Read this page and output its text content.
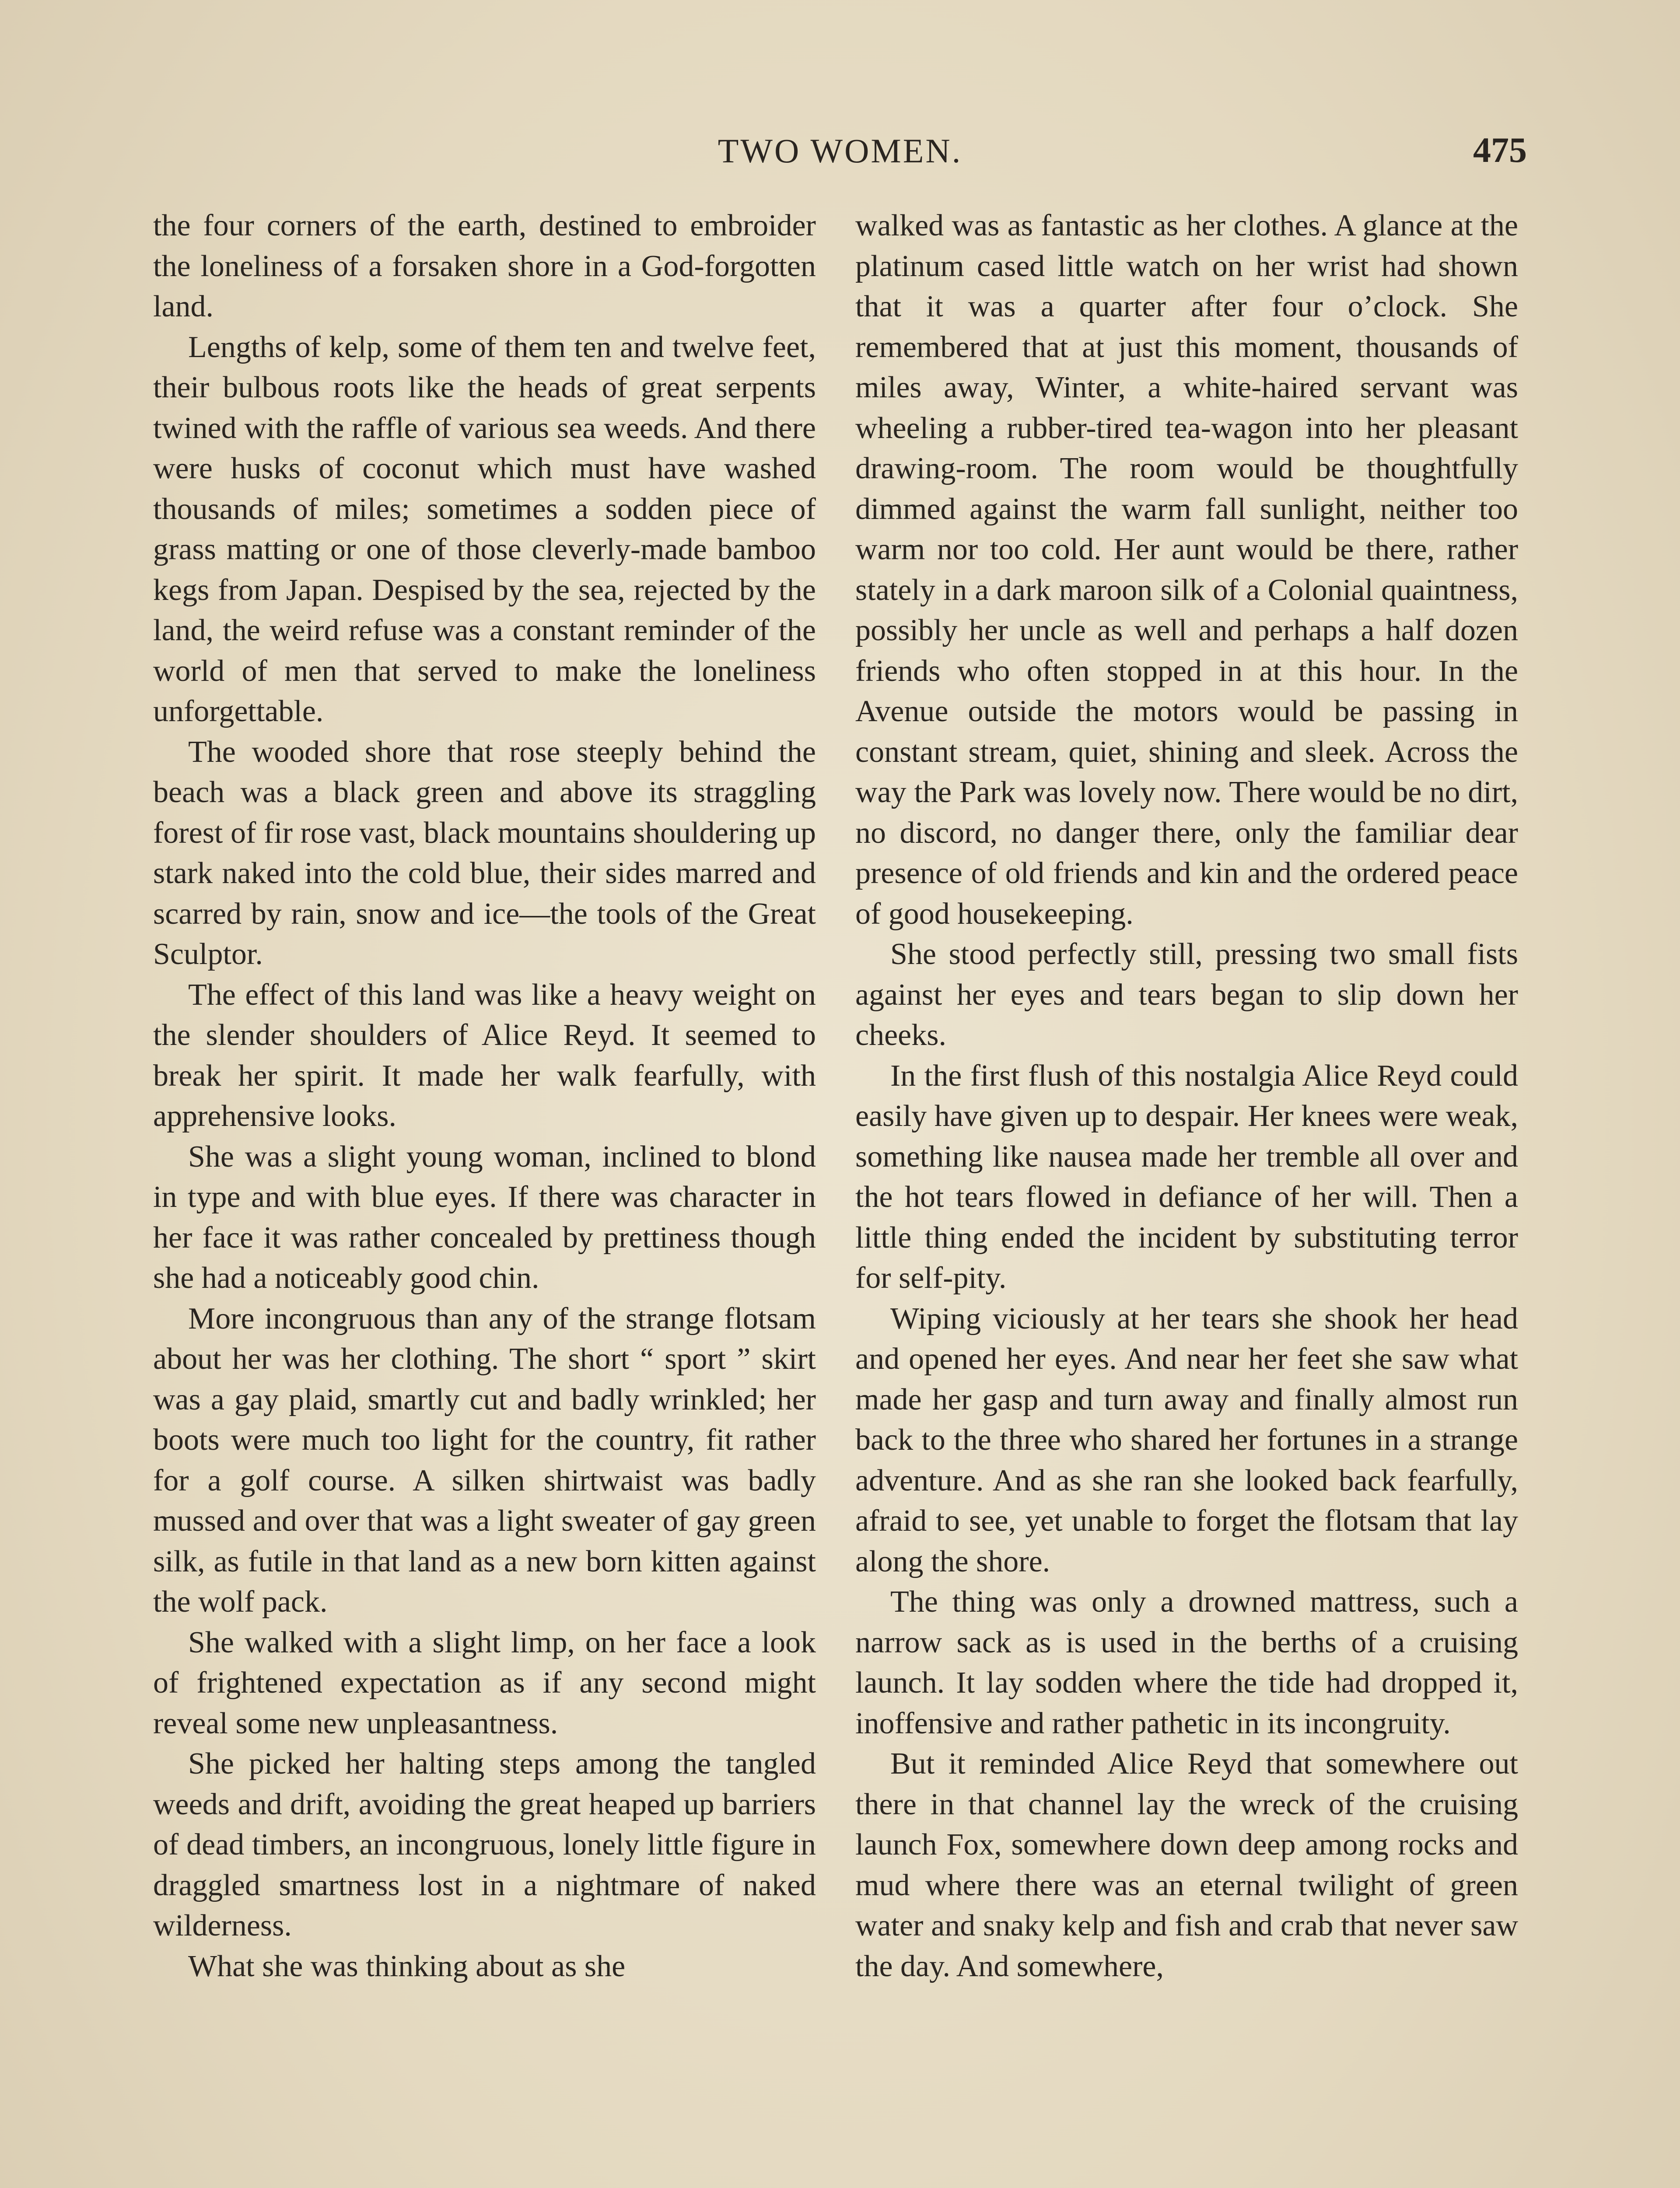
TWO WOMEN.	475

the four corners of the earth, destined to embroider the loneliness of a forsaken shore in a God-forgotten land.

Lengths of kelp, some of them ten and twelve feet, their bulbous roots like the heads of great serpents twined with the raffle of various sea weeds. And there were husks of coconut which must have washed thousands of miles; sometimes a sodden piece of grass matting or one of those cleverly-made bamboo kegs from Japan. Despised by the sea, rejected by the land, the weird refuse was a constant reminder of the world of men that served to make the loneliness unforgettable.

The wooded shore that rose steeply behind the beach was a black green and above its straggling forest of fir rose vast, black mountains shouldering up stark naked into the cold blue, their sides marred and scarred by rain, snow and ice—the tools of the Great Sculptor.

The effect of this land was like a heavy weight on the slender shoulders of Alice Reyd. It seemed to break her spirit. It made her walk fearfully, with apprehensive looks.

She was a slight young woman, inclined to blond in type and with blue eyes. If there was character in her face it was rather concealed by prettiness though she had a noticeably good chin.

More incongruous than any of the strange flotsam about her was her clothing. The short “ sport ” skirt was a gay plaid, smartly cut and badly wrinkled; her boots were much too light for the country, fit rather for a golf course. A silken shirtwaist was badly mussed and over that was a light sweater of gay green silk, as futile in that land as a new born kitten against the wolf pack.

She walked with a slight limp, on her face a look of frightened expectation as if any second might reveal some new unpleasantness.

She picked her halting steps among the tangled weeds and drift, avoiding the great heaped up barriers of dead timbers, an incongruous, lonely little figure in draggled smartness lost in a nightmare of naked wilderness.

What she was thinking about as she

walked was as fantastic as her clothes. A glance at the platinum cased little watch on her wrist had shown that it was a quarter after four o’clock. She remembered that at just this moment, thousands of miles away, Winter, a white-haired servant was wheeling a rubber-tired tea-wagon into her pleasant drawing-room. The room would be thoughtfully dimmed against the warm fall sunlight, neither too warm nor too cold. Her aunt would be there, rather stately in a dark maroon silk of a Colonial quaintness, possibly her uncle as well and perhaps a half dozen friends who often stopped in at this hour. In the Avenue outside the motors would be passing in constant stream, quiet, shining and sleek. Across the way the Park was lovely now. There would be no dirt, no discord, no danger there, only the familiar dear presence of old friends and kin and the ordered peace of good housekeeping.

She stood perfectly still, pressing two small fists against her eyes and tears began to slip down her cheeks.

In the first flush of this nostalgia Alice Reyd could easily have given up to despair. Her knees were weak, something like nausea made her tremble all over and the hot tears flowed in defiance of her will. Then a little thing ended the incident by substituting terror for self-pity.

Wiping viciously at her tears she shook her head and opened her eyes. And near her feet she saw what made her gasp and turn away and finally almost run back to the three who shared her fortunes in a strange adventure. And as she ran she looked back fearfully, afraid to see, yet unable to forget the flotsam that lay along the shore.

The thing was only a drowned mattress, such a narrow sack as is used in the berths of a cruising launch. It lay sodden where the tide had dropped it, inoffensive and rather pathetic in its incongruity.

But it reminded Alice Reyd that somewhere out there in that channel lay the wreck of the cruising launch Fox, somewhere down deep among rocks and mud where there was an eternal twilight of green water and snaky kelp and fish and crab that never saw the day. And somewhere,
